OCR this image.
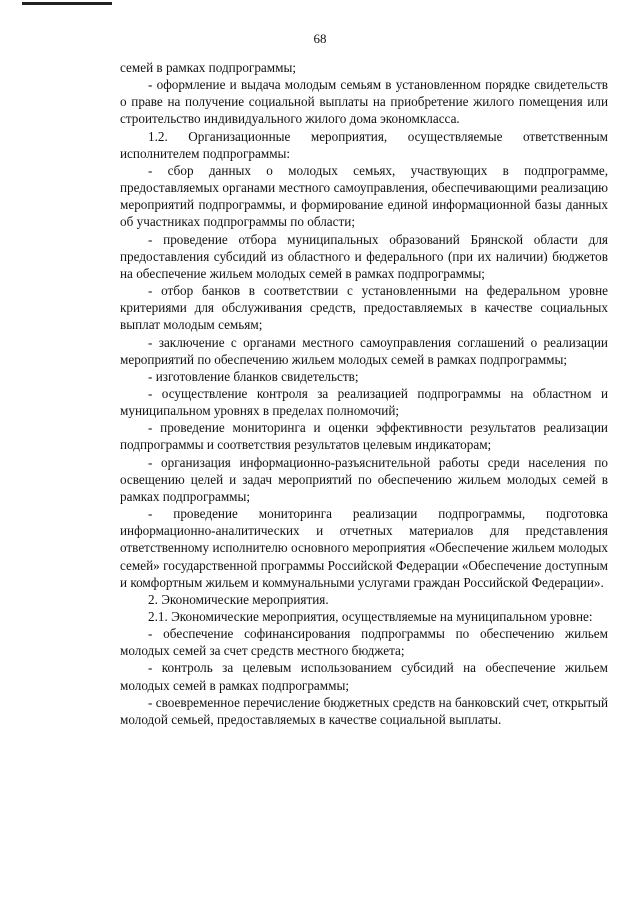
68

семей в рамках подпрограммы;

- оформление и выдача молодым семьям в установленном порядке свидетельств о праве на получение социальной выплаты на приобретение жилого помещения или строительство индивидуального жилого дома экономкласса.

1.2. Организационные мероприятия, осуществляемые ответственным исполнителем подпрограммы:

- сбор данных о молодых семьях, участвующих в подпрограмме, предоставляемых органами местного самоуправления, обеспечивающими реализацию мероприятий подпрограммы, и формирование единой информационной базы данных об участниках подпрограммы по области;

- проведение отбора муниципальных образований Брянской области для предоставления субсидий из областного и федерального (при их наличии) бюджетов на обеспечение жильем молодых семей в рамках подпрограммы;

- отбор банков в соответствии с установленными на федеральном уровне критериями для обслуживания средств, предоставляемых в качестве социальных выплат молодым семьям;

- заключение с органами местного самоуправления соглашений о реализации мероприятий по обеспечению жильем молодых семей в рамках подпрограммы;

- изготовление бланков свидетельств;

- осуществление контроля за реализацией подпрограммы на областном и муниципальном уровнях в пределах полномочий;

- проведение мониторинга и оценки эффективности результатов реализации подпрограммы и соответствия результатов целевым индикаторам;

- организация информационно-разъяснительной работы среди населения по освещению целей и задач мероприятий по обеспечению жильем молодых семей в рамках подпрограммы;

- проведение мониторинга реализации подпрограммы, подготовка информационно-аналитических и отчетных материалов для представления ответственному исполнителю основного мероприятия «Обеспечение жильем молодых семей» государственной программы Российской Федерации «Обеспечение доступным и комфортным жильем и коммунальными услугами граждан Российской Федерации».

2. Экономические мероприятия.

2.1. Экономические мероприятия, осуществляемые на муниципальном уровне:

- обеспечение софинансирования подпрограммы по обеспечению жильем молодых семей за счет средств местного бюджета;

- контроль за целевым использованием субсидий на обеспечение жильем молодых семей в рамках подпрограммы;

- своевременное перечисление бюджетных средств на банковский счет, открытый молодой семьей, предоставляемых в качестве социальной выплаты.
